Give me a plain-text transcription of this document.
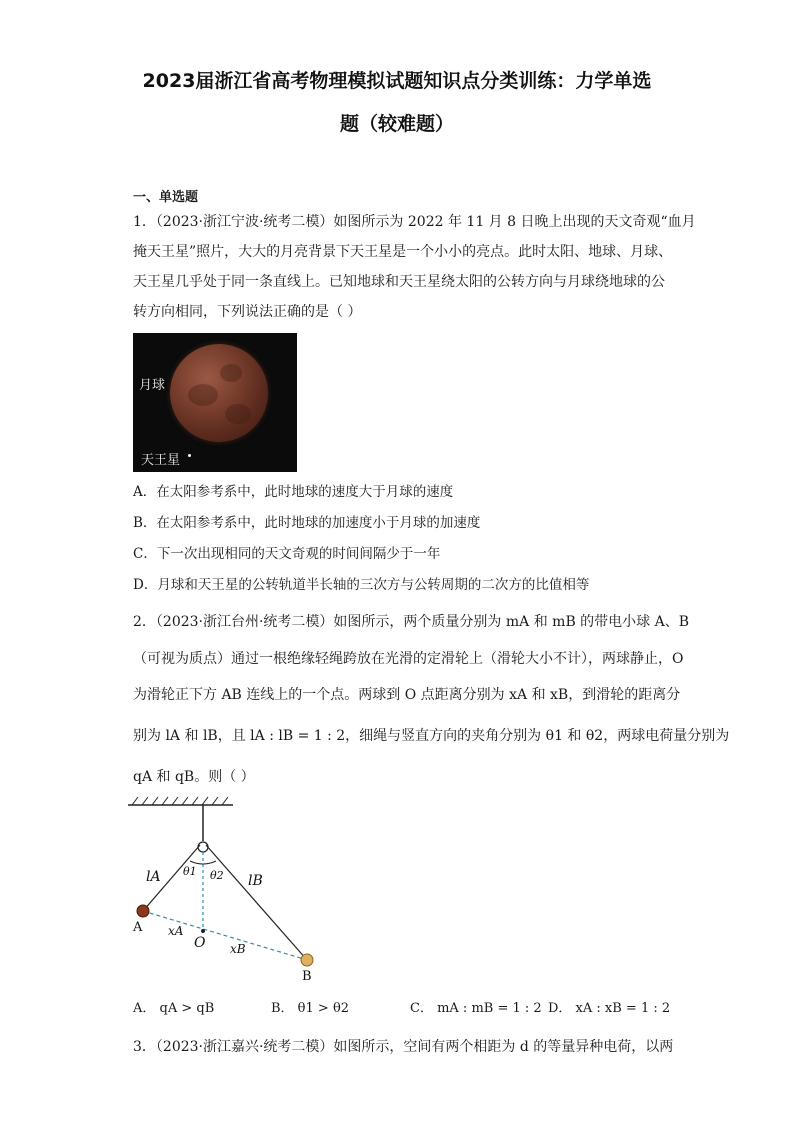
2023届浙江省高考物理模拟试题知识点分类训练：力学单选
题（较难题）
一、单选题
1．（2023·浙江宁波·统考二模）如图所示为 2022 年 11 月 8 日晚上出现的天文奇观“血月
掩天王星”照片，大大的月亮背景下天王星是一个小小的亮点。此时太阳、地球、月球、
天王星几乎处于同一条直线上。已知地球和天王星绕太阳的公转方向与月球绕地球的公
转方向相同，下列说法正确的是（ ）
月球
天王星
A．在太阳参考系中，此时地球的速度大于月球的速度
B．在太阳参考系中，此时地球的加速度小于月球的加速度
C．下一次出现相同的天文奇观的时间间隔少于一年
D．月球和天王星的公转轨道半长轴的三次方与公转周期的二次方的比值相等
2．（2023·浙江台州·统考二模）如图所示，两个质量分别为 mA 和 mB 的带电小球 A、B
（可视为质点）通过一根绝缘轻绳跨放在光滑的定滑轮上（滑轮大小不计），两球静止，O
为滑轮正下方 AB 连线上的一个点。两球到 O 点距离分别为 xA 和 xB，到滑轮的距离分
别为 lA 和 lB，且 lA : lB = 1 : 2，细绳与竖直方向的夹角分别为 θ1 和 θ2，两球电荷量分别为
qA 和 qB。则（ ）
lA	lB
θ1 θ2
A
B
O
xA
xB
A． qA > qB	B． θ1 > θ2	C． mA : mB = 1 : 2 D． xA : xB = 1 : 2
3．（2023·浙江嘉兴·统考二模）如图所示，空间有两个相距为 d 的等量异种电荷，以两
